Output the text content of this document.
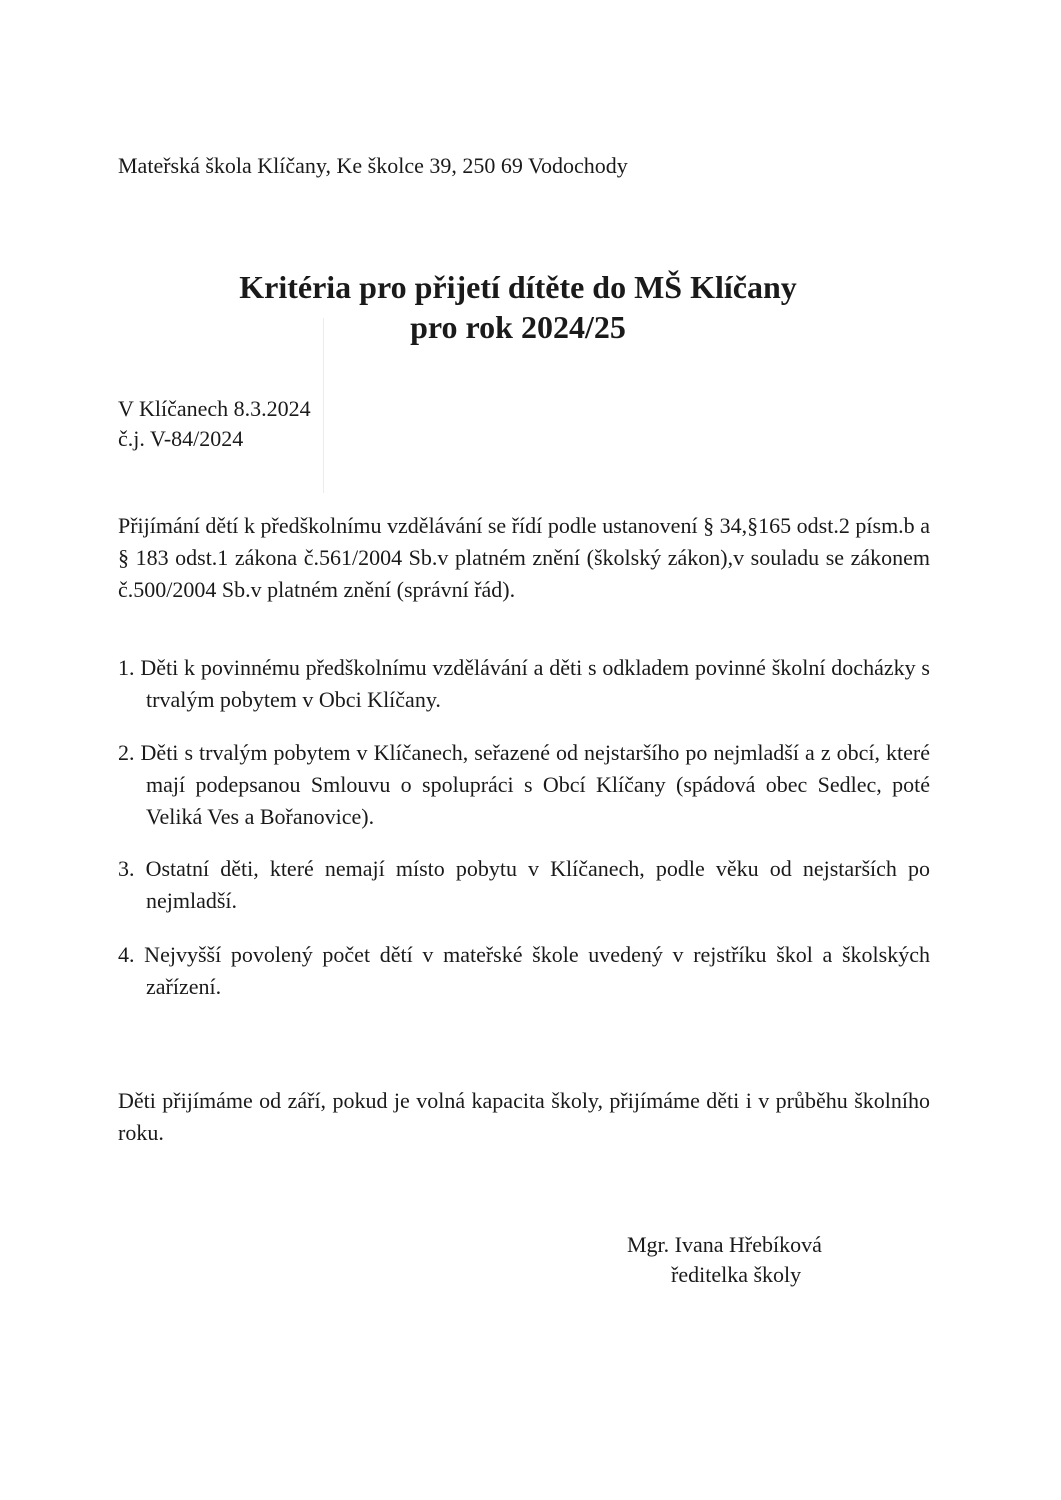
Mateřská škola Klíčany, Ke školce 39, 250 69 Vodochody
Kritéria pro přijetí dítěte do MŠ Klíčany
pro rok 2024/25
V Klíčanech 8.3.2024
č.j. V-84/2024
Přijímání dětí k předškolnímu vzdělávání se řídí podle ustanovení § 34,§165 odst.2 písm.b a § 183 odst.1 zákona č.561/2004 Sb.v platném znění (školský zákon),v souladu se zákonem č.500/2004 Sb.v platném znění (správní řád).
1. Děti k povinnému předškolnímu vzdělávání a děti s odkladem povinné školní docházky s trvalým pobytem v Obci Klíčany.
2. Děti s trvalým pobytem v Klíčanech, seřazené od nejstaršího po nejmladší a z obcí, které mají podepsanou Smlouvu o spolupráci s Obcí Klíčany (spádová obec Sedlec, poté Veliká Ves a Bořanovice).
3. Ostatní děti, které nemají místo pobytu v Klíčanech, podle věku od nejstarších po nejmladší.
4. Nejvyšší povolený počet dětí v mateřské škole uvedený v rejstříku škol a školských zařízení.
Děti přijímáme od září, pokud je volná kapacita školy, přijímáme děti i v průběhu školního roku.
Mgr. Ivana Hřebíková
ředitelka školy
